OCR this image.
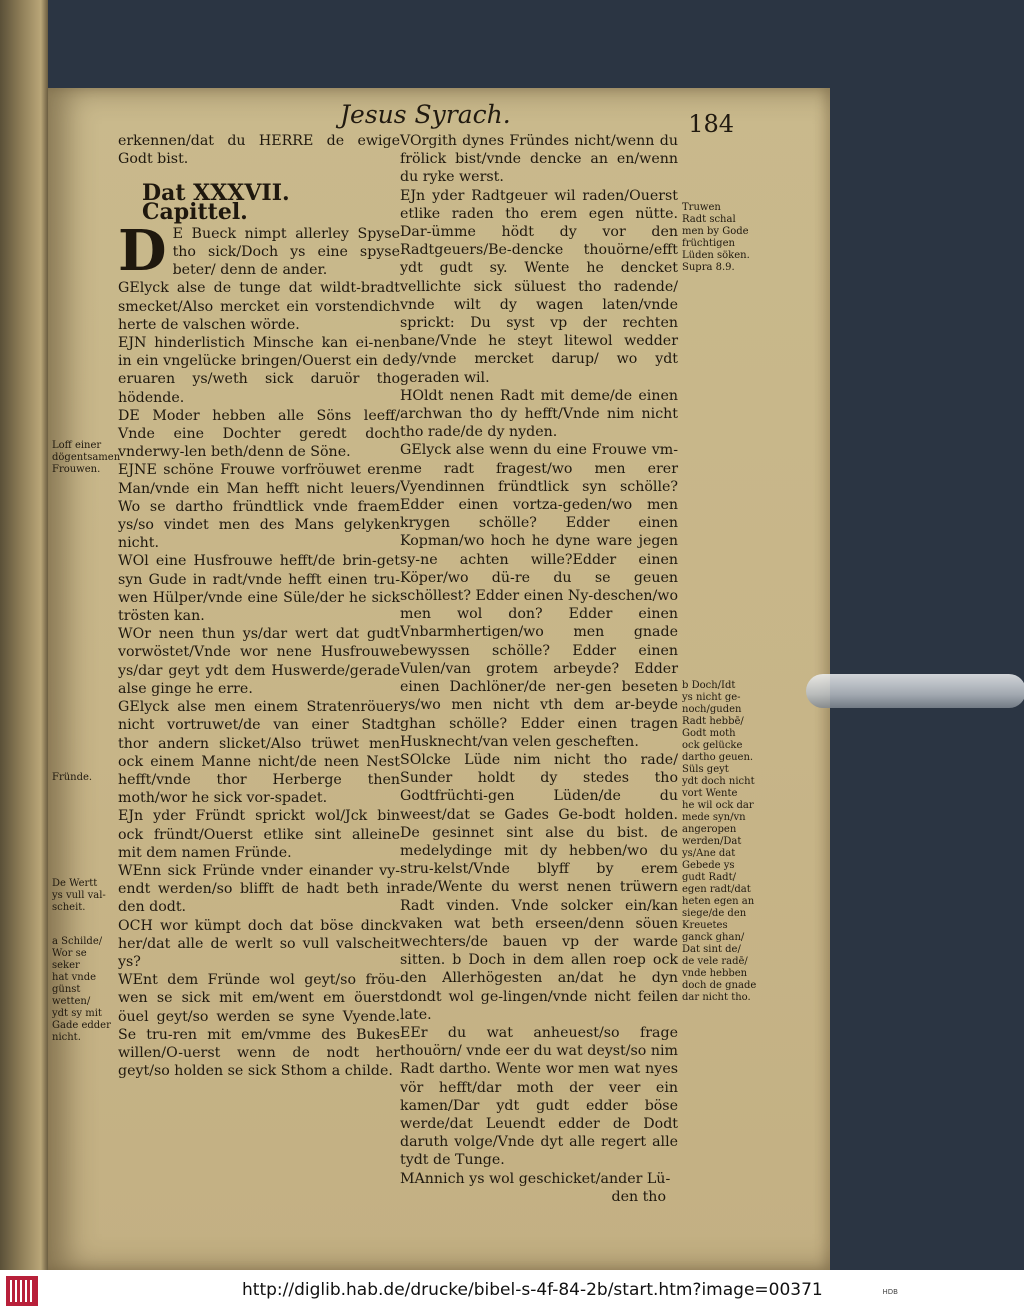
Jesus Syrach.	184

erkennen/dat du HERRE de ewige Godt bist.

Dat XXXVII. Capittel.

D E Bueck nimpt allerley Spyse tho sick/Doch ys eine spyse beter/ denn de ander.

GElyck alse de tunge dat wildt-bradt smecket/Also mercket ein vorstendich herte de valschen wörde.

EJN hinderlistich Minsche kan ei-nen in ein vngelücke bringen/Ouerst ein de eruaren ys/weth sick daruör tho hödende.

DE Moder hebben alle Söns leeff/ Vnde eine Dochter geredt doch vnderwy-len beth/denn de Söne.

EJNE schöne Frouwe vorfröuwet eren Man/vnde ein Man hefft nicht leuers/ Wo se dartho fründtlick vnde fraem ys/so vindet men des Mans gelyken nicht.

WOl eine Husfrouwe hefft/de brin-get syn Gude in radt/vnde hefft einen tru-wen Hülper/vnde eine Süle/der he sick trösten kan.

WOr neen thun ys/dar wert dat gudt vorwöstet/Vnde wor nene Husfrouwe ys/dar geyt ydt dem Huswerde/gerade alse ginge he erre.

GElyck alse men einem Stratenröuer nicht vortruwet/de van einer Stadt thor andern slicket/Also trüwet men ock einem Manne nicht/de neen Nest hefft/vnde thor Herberge then moth/wor he sick vor-spadet.

EJn yder Fründt sprickt wol/Jck bin ock fründt/Ouerst etlike sint alleine mit dem namen Fründe.

WEnn sick Fründe vnder einander vy-endt werden/so blifft de hadt beth in den dodt.

OCH wor kümpt doch dat böse dinck her/dat alle de werlt so vull valscheit ys?

WEnt dem Fründe wol geyt/so fröu-wen se sick mit em/went em öuerst öuel geyt/so werden se syne Vyende. Se tru-ren mit em/vmme des Bukes willen/O-uerst wenn de nodt her geyt/so holden se sick Sthom a childe.

VOrgith dynes Fründes nicht/wenn du frölick bist/vnde dencke an en/wenn du ryke werst.

EJn yder Radtgeuer wil raden/Ouerst etlike raden tho erem egen nütte. Dar-ümme hödt dy vor den Radtgeuers/Be-dencke thouörne/efft ydt gudt sy. Wente he dencket vellichte sick süluest tho radende/ vnde wilt dy wagen laten/vnde sprickt: Du syst vp der rechten bane/Vnde he steyt litewol wedder dy/vnde mercket darup/ wo ydt geraden wil.

HOldt nenen Radt mit deme/de einen archwan tho dy hefft/Vnde nim nicht tho rade/de dy nyden.

GElyck alse wenn du eine Frouwe vm-me radt fragest/wo men erer Vyendinnen fründtlick syn schölle? Edder einen vortza-geden/wo men krygen schölle? Edder einen Kopman/wo hoch he dyne ware jegen sy-ne achten wille?Edder einen Köper/wo dü-re du se geuen schöllest? Edder einen Ny-deschen/wo men wol don? Edder einen Vnbarmhertigen/wo men gnade bewyssen schölle? Edder einen Vulen/van grotem arbeyde? Edder einen Dachlöner/de ner-gen beseten ys/wo men nicht vth dem ar-beyde ghan schölle? Edder einen tragen Husknecht/van velen gescheften.

SOlcke Lüde nim nicht tho rade/ Sunder holdt dy stedes tho Godtfrüchti-gen Lüden/de du weest/dat se Gades Ge-bodt holden. De gesinnet sint alse du bist. de medelydinge mit dy hebben/wo du stru-kelst/Vnde blyff by erem rade/Wente du werst nenen trüwern Radt vinden. Vnde solcker ein/kan vaken wat beth erseen/denn söuen wechters/de bauen vp der warde sitten. b Doch in dem allen roep ock den Allerhögesten an/dat he dyn dondt wol ge-lingen/vnde nicht feilen late.

EEr du wat anheuest/so frage thouörn/ vnde eer du wat deyst/so nim Radt dartho. Wente wor men wat nyes vör hefft/dar moth der veer ein kamen/Dar ydt gudt edder böse werde/dat Leuendt edder de Dodt daruth volge/Vnde dyt alle regert alle tydt de Tunge.

MAnnich ys wol geschicket/ander Lü-

den tho

Loff einer
dögentsamen
Frouwen.
Fründe.
De Wertt
ys vull val-
scheit.
a Schilde/
Wor se seker
hat vnde
günst wetten/
ydt sy mit
Gade edder
nicht.
Truwen
Radt schal
men by Gode
früchtigen
Lüden söken.
Supra 8.9.
b Doch/Idt
ys nicht ge-
noch/guden
Radt hebbē/
Godt moth
ock gelücke
dartho geuen.
Süls geyt
ydt doch nicht
vort Wente
he wil ock dar
mede syn/vn
angeropen
werden/Dat
ys/Ane dat
Gebede ys
gudt Radt/
egen radt/dat
heten egen an
siege/de den
Kreuetes
ganck ghan/
Dat sint de/
de vele radē/
vnde hebben
doch de gnade
dar nicht tho.
http://diglib.hab.de/drucke/bibel-s-4f-84-2b/start.htm?image=00371	HDB
